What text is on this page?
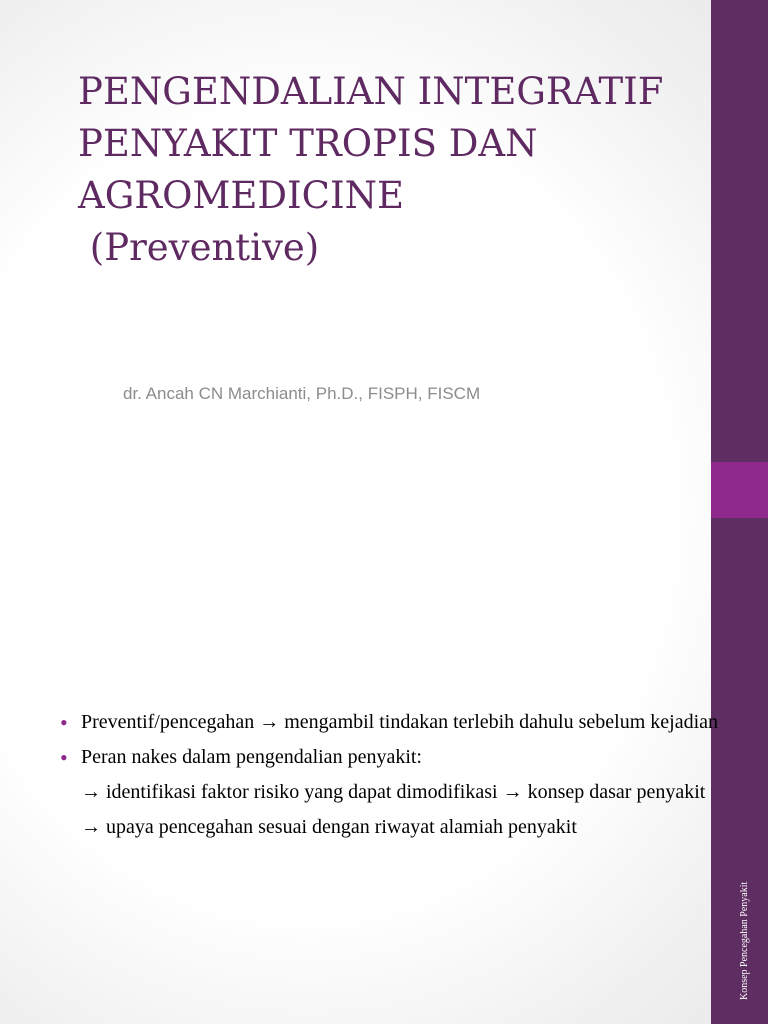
Konsep Pencegahan Penyakit
PENGENDALIAN INTEGRATIF
PENYAKIT TROPIS DAN
AGROMEDICINE
(Preventive)
dr. Ancah CN Marchianti, Ph.D., FISPH, FISCM
• Preventif/pencegahan → mengambil tindakan terlebih dahulu sebelum kejadian
• Peran nakes dalam pengendalian penyakit:
→ identifikasi faktor risiko yang dapat dimodifikasi → konsep dasar penyakit
→ upaya pencegahan sesuai dengan riwayat alamiah penyakit
